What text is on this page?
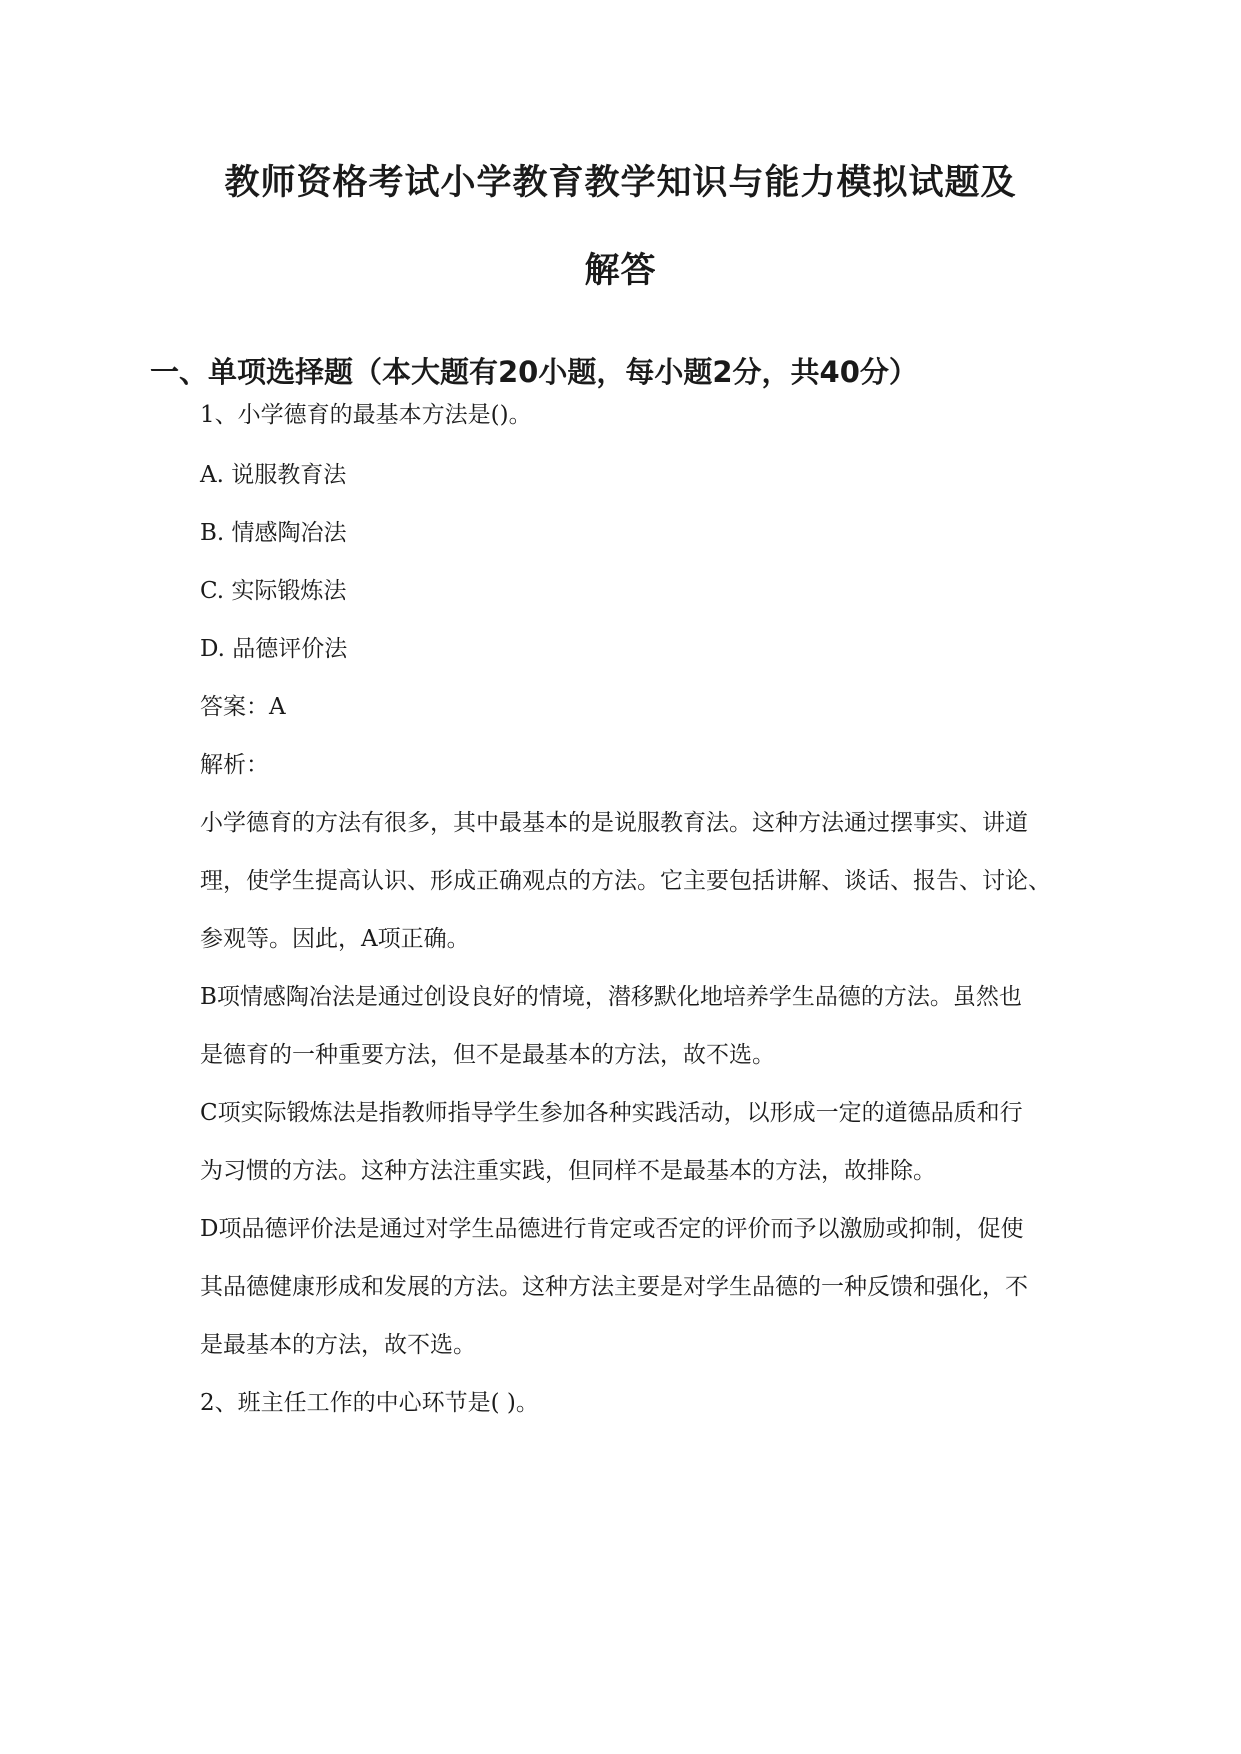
教师资格考试小学教育教学知识与能力模拟试题及
解答
一、单项选择题（本大题有20小题，每小题2分，共40分）

1、小学德育的最基本方法是()。

A. 说服教育法

B. 情感陶冶法

C. 实际锻炼法

D. 品德评价法

答案：A

解析：

小学德育的方法有很多，其中最基本的是说服教育法。这种方法通过摆事实、讲道

理，使学生提高认识、形成正确观点的方法。它主要包括讲解、谈话、报告、讨论、

参观等。因此，A项正确。

B项情感陶冶法是通过创设良好的情境，潜移默化地培养学生品德的方法。虽然也

是德育的一种重要方法，但不是最基本的方法，故不选。

C项实际锻炼法是指教师指导学生参加各种实践活动，以形成一定的道德品质和行

为习惯的方法。这种方法注重实践，但同样不是最基本的方法，故排除。

D项品德评价法是通过对学生品德进行肯定或否定的评价而予以激励或抑制，促使

其品德健康形成和发展的方法。这种方法主要是对学生品德的一种反馈和强化，不

是最基本的方法，故不选。

2、班主任工作的中心环节是( )。
